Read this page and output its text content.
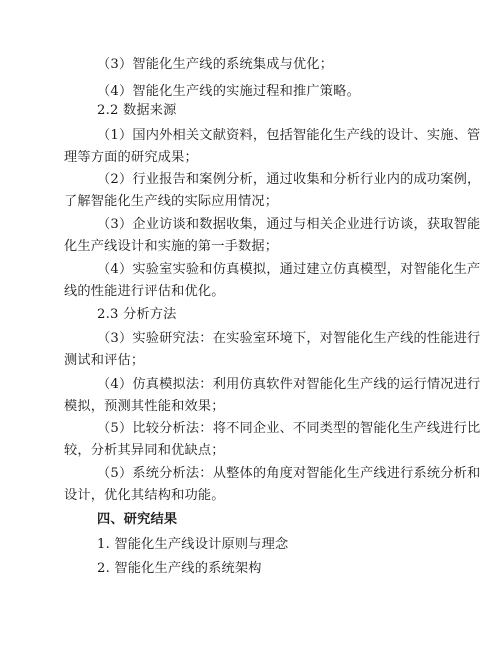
（3）智能化生产线的系统集成与优化；
（4）智能化生产线的实施过程和推广策略。
2.2 数据来源
（1）国内外相关文献资料，包括智能化生产线的设计、实施、管
理等方面的研究成果；
（2）行业报告和案例分析，通过收集和分析行业内的成功案例，
了解智能化生产线的实际应用情况；
（3）企业访谈和数据收集，通过与相关企业进行访谈，获取智能
化生产线设计和实施的第一手数据；
（4）实验室实验和仿真模拟，通过建立仿真模型，对智能化生产
线的性能进行评估和优化。
2.3 分析方法
（3）实验研究法：在实验室环境下，对智能化生产线的性能进行
测试和评估；
（4）仿真模拟法：利用仿真软件对智能化生产线的运行情况进行
模拟，预测其性能和效果；
（5）比较分析法：将不同企业、不同类型的智能化生产线进行比
较，分析其异同和优缺点；
（5）系统分析法：从整体的角度对智能化生产线进行系统分析和
设计，优化其结构和功能。
四、研究结果
1. 智能化生产线设计原则与理念
2. 智能化生产线的系统架构
